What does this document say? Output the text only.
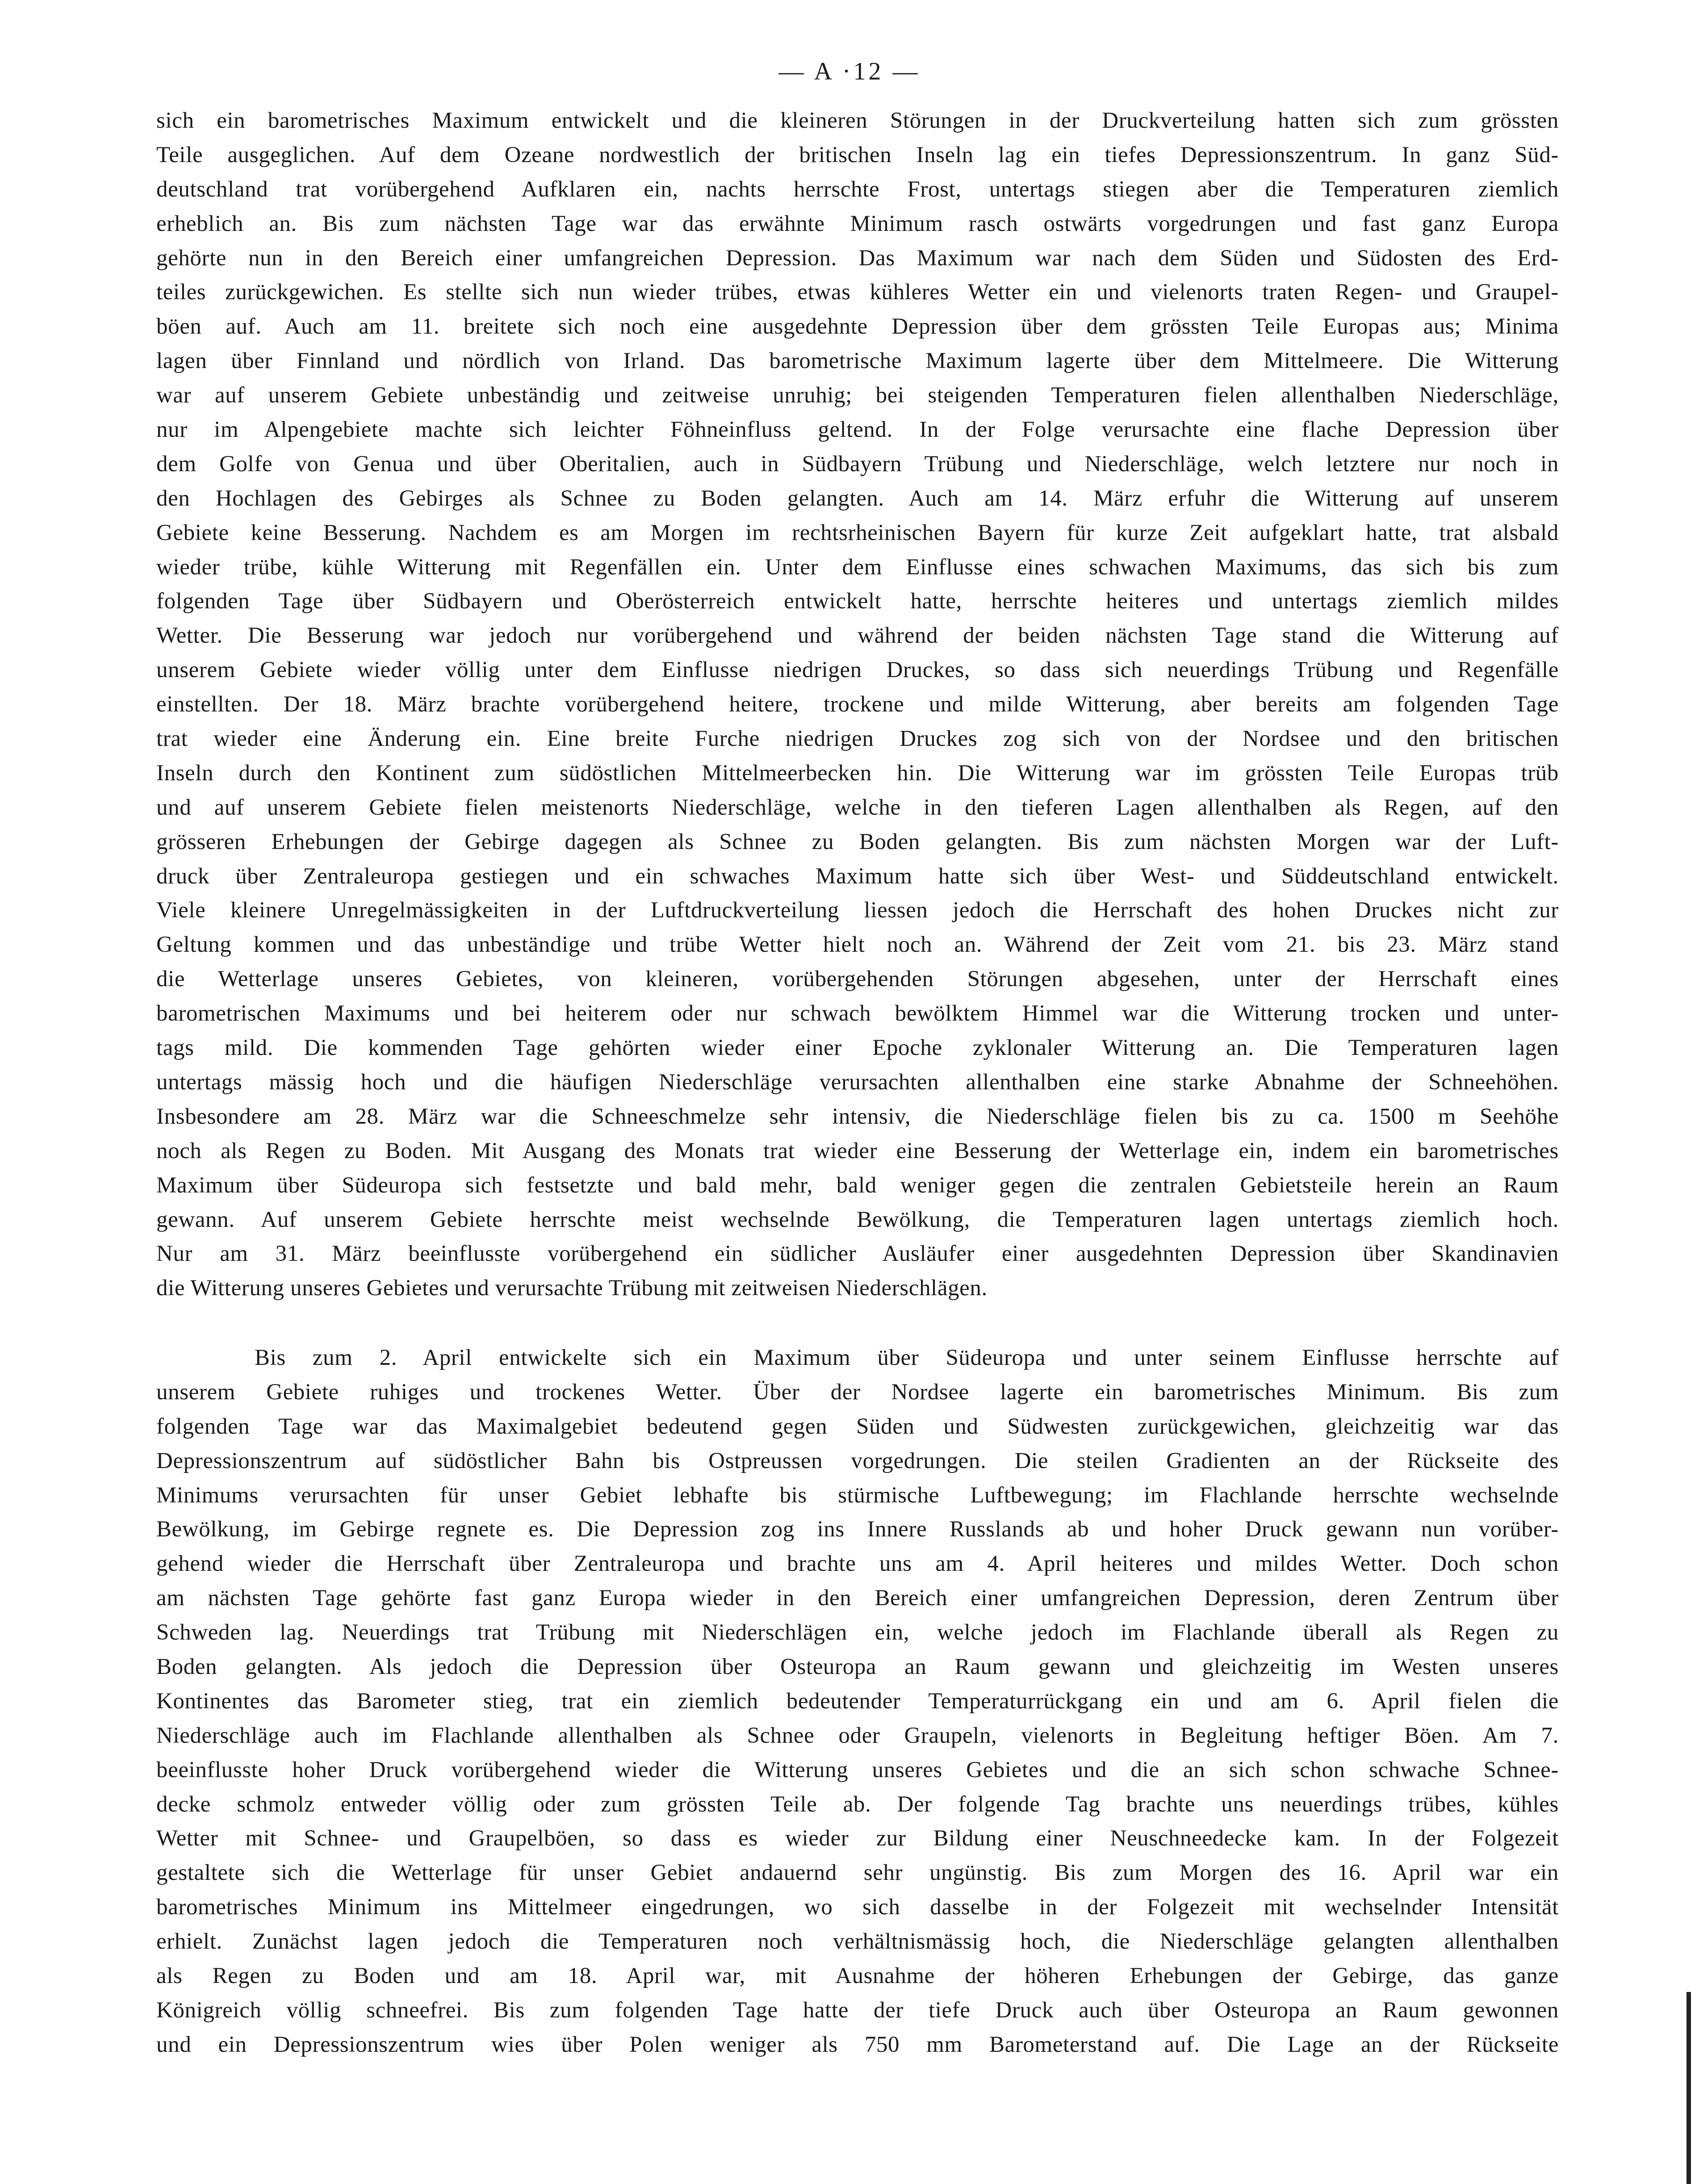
— A ·12 —
sich ein barometrisches Maximum entwickelt und die kleineren Störungen in der Druckverteilung hatten sich zum grössten
Teile ausgeglichen. Auf dem Ozeane nordwestlich der britischen Inseln lag ein tiefes Depressionszentrum. In ganz Süd-
deutschland trat vorübergehend Aufklaren ein, nachts herrschte Frost, untertags stiegen aber die Temperaturen ziemlich
erheblich an. Bis zum nächsten Tage war das erwähnte Minimum rasch ostwärts vorgedrungen und fast ganz Europa
gehörte nun in den Bereich einer umfangreichen Depression. Das Maximum war nach dem Süden und Südosten des Erd-
teiles zurückgewichen. Es stellte sich nun wieder trübes, etwas kühleres Wetter ein und vielenorts traten Regen- und Graupel-
böen auf. Auch am 11. breitete sich noch eine ausgedehnte Depression über dem grössten Teile Europas aus; Minima
lagen über Finnland und nördlich von Irland. Das barometrische Maximum lagerte über dem Mittelmeere. Die Witterung
war auf unserem Gebiete unbeständig und zeitweise unruhig; bei steigenden Temperaturen fielen allenthalben Niederschläge,
nur im Alpengebiete machte sich leichter Föhneinfluss geltend. In der Folge verursachte eine flache Depression über
dem Golfe von Genua und über Oberitalien, auch in Südbayern Trübung und Niederschläge, welch letztere nur noch in
den Hochlagen des Gebirges als Schnee zu Boden gelangten. Auch am 14. März erfuhr die Witterung auf unserem
Gebiete keine Besserung. Nachdem es am Morgen im rechtsrheinischen Bayern für kurze Zeit aufgeklart hatte, trat alsbald
wieder trübe, kühle Witterung mit Regenfällen ein. Unter dem Einflusse eines schwachen Maximums, das sich bis zum
folgenden Tage über Südbayern und Oberösterreich entwickelt hatte, herrschte heiteres und untertags ziemlich mildes
Wetter. Die Besserung war jedoch nur vorübergehend und während der beiden nächsten Tage stand die Witterung auf
unserem Gebiete wieder völlig unter dem Einflusse niedrigen Druckes, so dass sich neuerdings Trübung und Regenfälle
einstellten. Der 18. März brachte vorübergehend heitere, trockene und milde Witterung, aber bereits am folgenden Tage
trat wieder eine Änderung ein. Eine breite Furche niedrigen Druckes zog sich von der Nordsee und den britischen
Inseln durch den Kontinent zum südöstlichen Mittelmeerbecken hin. Die Witterung war im grössten Teile Europas trüb
und auf unserem Gebiete fielen meistenorts Niederschläge, welche in den tieferen Lagen allenthalben als Regen, auf den
grösseren Erhebungen der Gebirge dagegen als Schnee zu Boden gelangten. Bis zum nächsten Morgen war der Luft-
druck über Zentraleuropa gestiegen und ein schwaches Maximum hatte sich über West- und Süddeutschland entwickelt.
Viele kleinere Unregelmässigkeiten in der Luftdruckverteilung liessen jedoch die Herrschaft des hohen Druckes nicht zur
Geltung kommen und das unbeständige und trübe Wetter hielt noch an. Während der Zeit vom 21. bis 23. März stand
die Wetterlage unseres Gebietes, von kleineren, vorübergehenden Störungen abgesehen, unter der Herrschaft eines
barometrischen Maximums und bei heiterem oder nur schwach bewölktem Himmel war die Witterung trocken und unter-
tags mild. Die kommenden Tage gehörten wieder einer Epoche zyklonaler Witterung an. Die Temperaturen lagen
untertags mässig hoch und die häufigen Niederschläge verursachten allenthalben eine starke Abnahme der Schneehöhen.
Insbesondere am 28. März war die Schneeschmelze sehr intensiv, die Niederschläge fielen bis zu ca. 1500 m Seehöhe
noch als Regen zu Boden. Mit Ausgang des Monats trat wieder eine Besserung der Wetterlage ein, indem ein barometrisches
Maximum über Südeuropa sich festsetzte und bald mehr, bald weniger gegen die zentralen Gebietsteile herein an Raum
gewann. Auf unserem Gebiete herrschte meist wechselnde Bewölkung, die Temperaturen lagen untertags ziemlich hoch.
Nur am 31. März beeinflusste vorübergehend ein südlicher Ausläufer einer ausgedehnten Depression über Skandinavien
die Witterung unseres Gebietes und verursachte Trübung mit zeitweisen Niederschlägen.
Bis zum 2. April entwickelte sich ein Maximum über Südeuropa und unter seinem Einflusse herrschte auf
unserem Gebiete ruhiges und trockenes Wetter. Über der Nordsee lagerte ein barometrisches Minimum. Bis zum
folgenden Tage war das Maximalgebiet bedeutend gegen Süden und Südwesten zurückgewichen, gleichzeitig war das
Depressionszentrum auf südöstlicher Bahn bis Ostpreussen vorgedrungen. Die steilen Gradienten an der Rückseite des
Minimums verursachten für unser Gebiet lebhafte bis stürmische Luftbewegung; im Flachlande herrschte wechselnde
Bewölkung, im Gebirge regnete es. Die Depression zog ins Innere Russlands ab und hoher Druck gewann nun vorüber-
gehend wieder die Herrschaft über Zentraleuropa und brachte uns am 4. April heiteres und mildes Wetter. Doch schon
am nächsten Tage gehörte fast ganz Europa wieder in den Bereich einer umfangreichen Depression, deren Zentrum über
Schweden lag. Neuerdings trat Trübung mit Niederschlägen ein, welche jedoch im Flachlande überall als Regen zu
Boden gelangten. Als jedoch die Depression über Osteuropa an Raum gewann und gleichzeitig im Westen unseres
Kontinentes das Barometer stieg, trat ein ziemlich bedeutender Temperaturrückgang ein und am 6. April fielen die
Niederschläge auch im Flachlande allenthalben als Schnee oder Graupeln, vielenorts in Begleitung heftiger Böen. Am 7.
beeinflusste hoher Druck vorübergehend wieder die Witterung unseres Gebietes und die an sich schon schwache Schnee-
decke schmolz entweder völlig oder zum grössten Teile ab. Der folgende Tag brachte uns neuerdings trübes, kühles
Wetter mit Schnee- und Graupelböen, so dass es wieder zur Bildung einer Neuschneedecke kam. In der Folgezeit
gestaltete sich die Wetterlage für unser Gebiet andauernd sehr ungünstig. Bis zum Morgen des 16. April war ein
barometrisches Minimum ins Mittelmeer eingedrungen, wo sich dasselbe in der Folgezeit mit wechselnder Intensität
erhielt. Zunächst lagen jedoch die Temperaturen noch verhältnismässig hoch, die Niederschläge gelangten allenthalben
als Regen zu Boden und am 18. April war, mit Ausnahme der höheren Erhebungen der Gebirge, das ganze
Königreich völlig schneefrei. Bis zum folgenden Tage hatte der tiefe Druck auch über Osteuropa an Raum gewonnen
und ein Depressionszentrum wies über Polen weniger als 750 mm Barometerstand auf. Die Lage an der Rückseite
